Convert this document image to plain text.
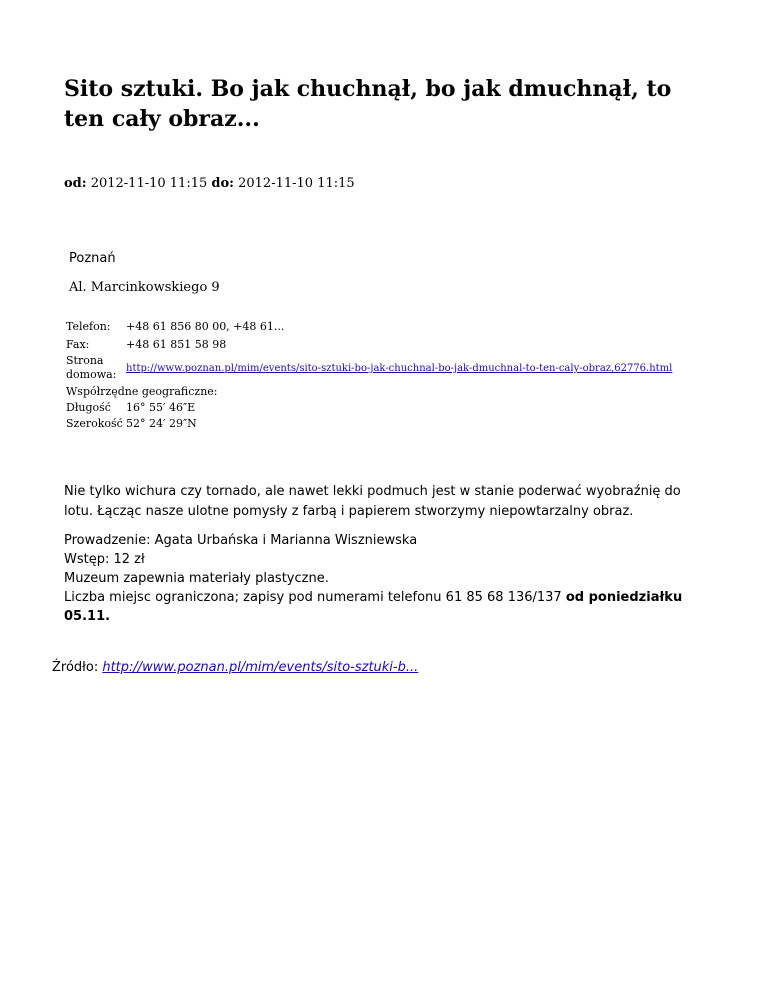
Sito sztuki. Bo jak chuchnął, bo jak dmuchnął, to ten cały obraz...
od: 2012-11-10 11:15 do: 2012-11-10 11:15
Poznań
Al. Marcinkowskiego 9
Telefon: +48 61 856 80 00, +48 61...
Fax:	+48 61 851 58 98
Strona domowa: http://www.poznan.pl/mim/events/sito-sztuki-bo-jak-chuchnal-bo-jak-dmuchnal-to-ten-caly-obraz,62776.html
Współrzędne geograficzne:
Długość 16° 55′ 46″E
Szerokość 52° 24′ 29″N

Nie tylko wichura czy tornado, ale nawet lekki podmuch jest w stanie poderwać wyobraźnię do lotu. Łącząc nasze ulotne pomysły z farbą i papierem stworzymy niepowtarzalny obraz.

Prowadzenie: Agata Urbańska i Marianna Wiszniewska
Wstęp: 12 zł
Muzeum zapewnia materiały plastyczne.
Liczba miejsc ograniczona; zapisy pod numerami telefonu 61 85 68 136/137 od poniedziałku 05.11.
Źródło: http://www.poznan.pl/mim/events/sito-sztuki-b...
